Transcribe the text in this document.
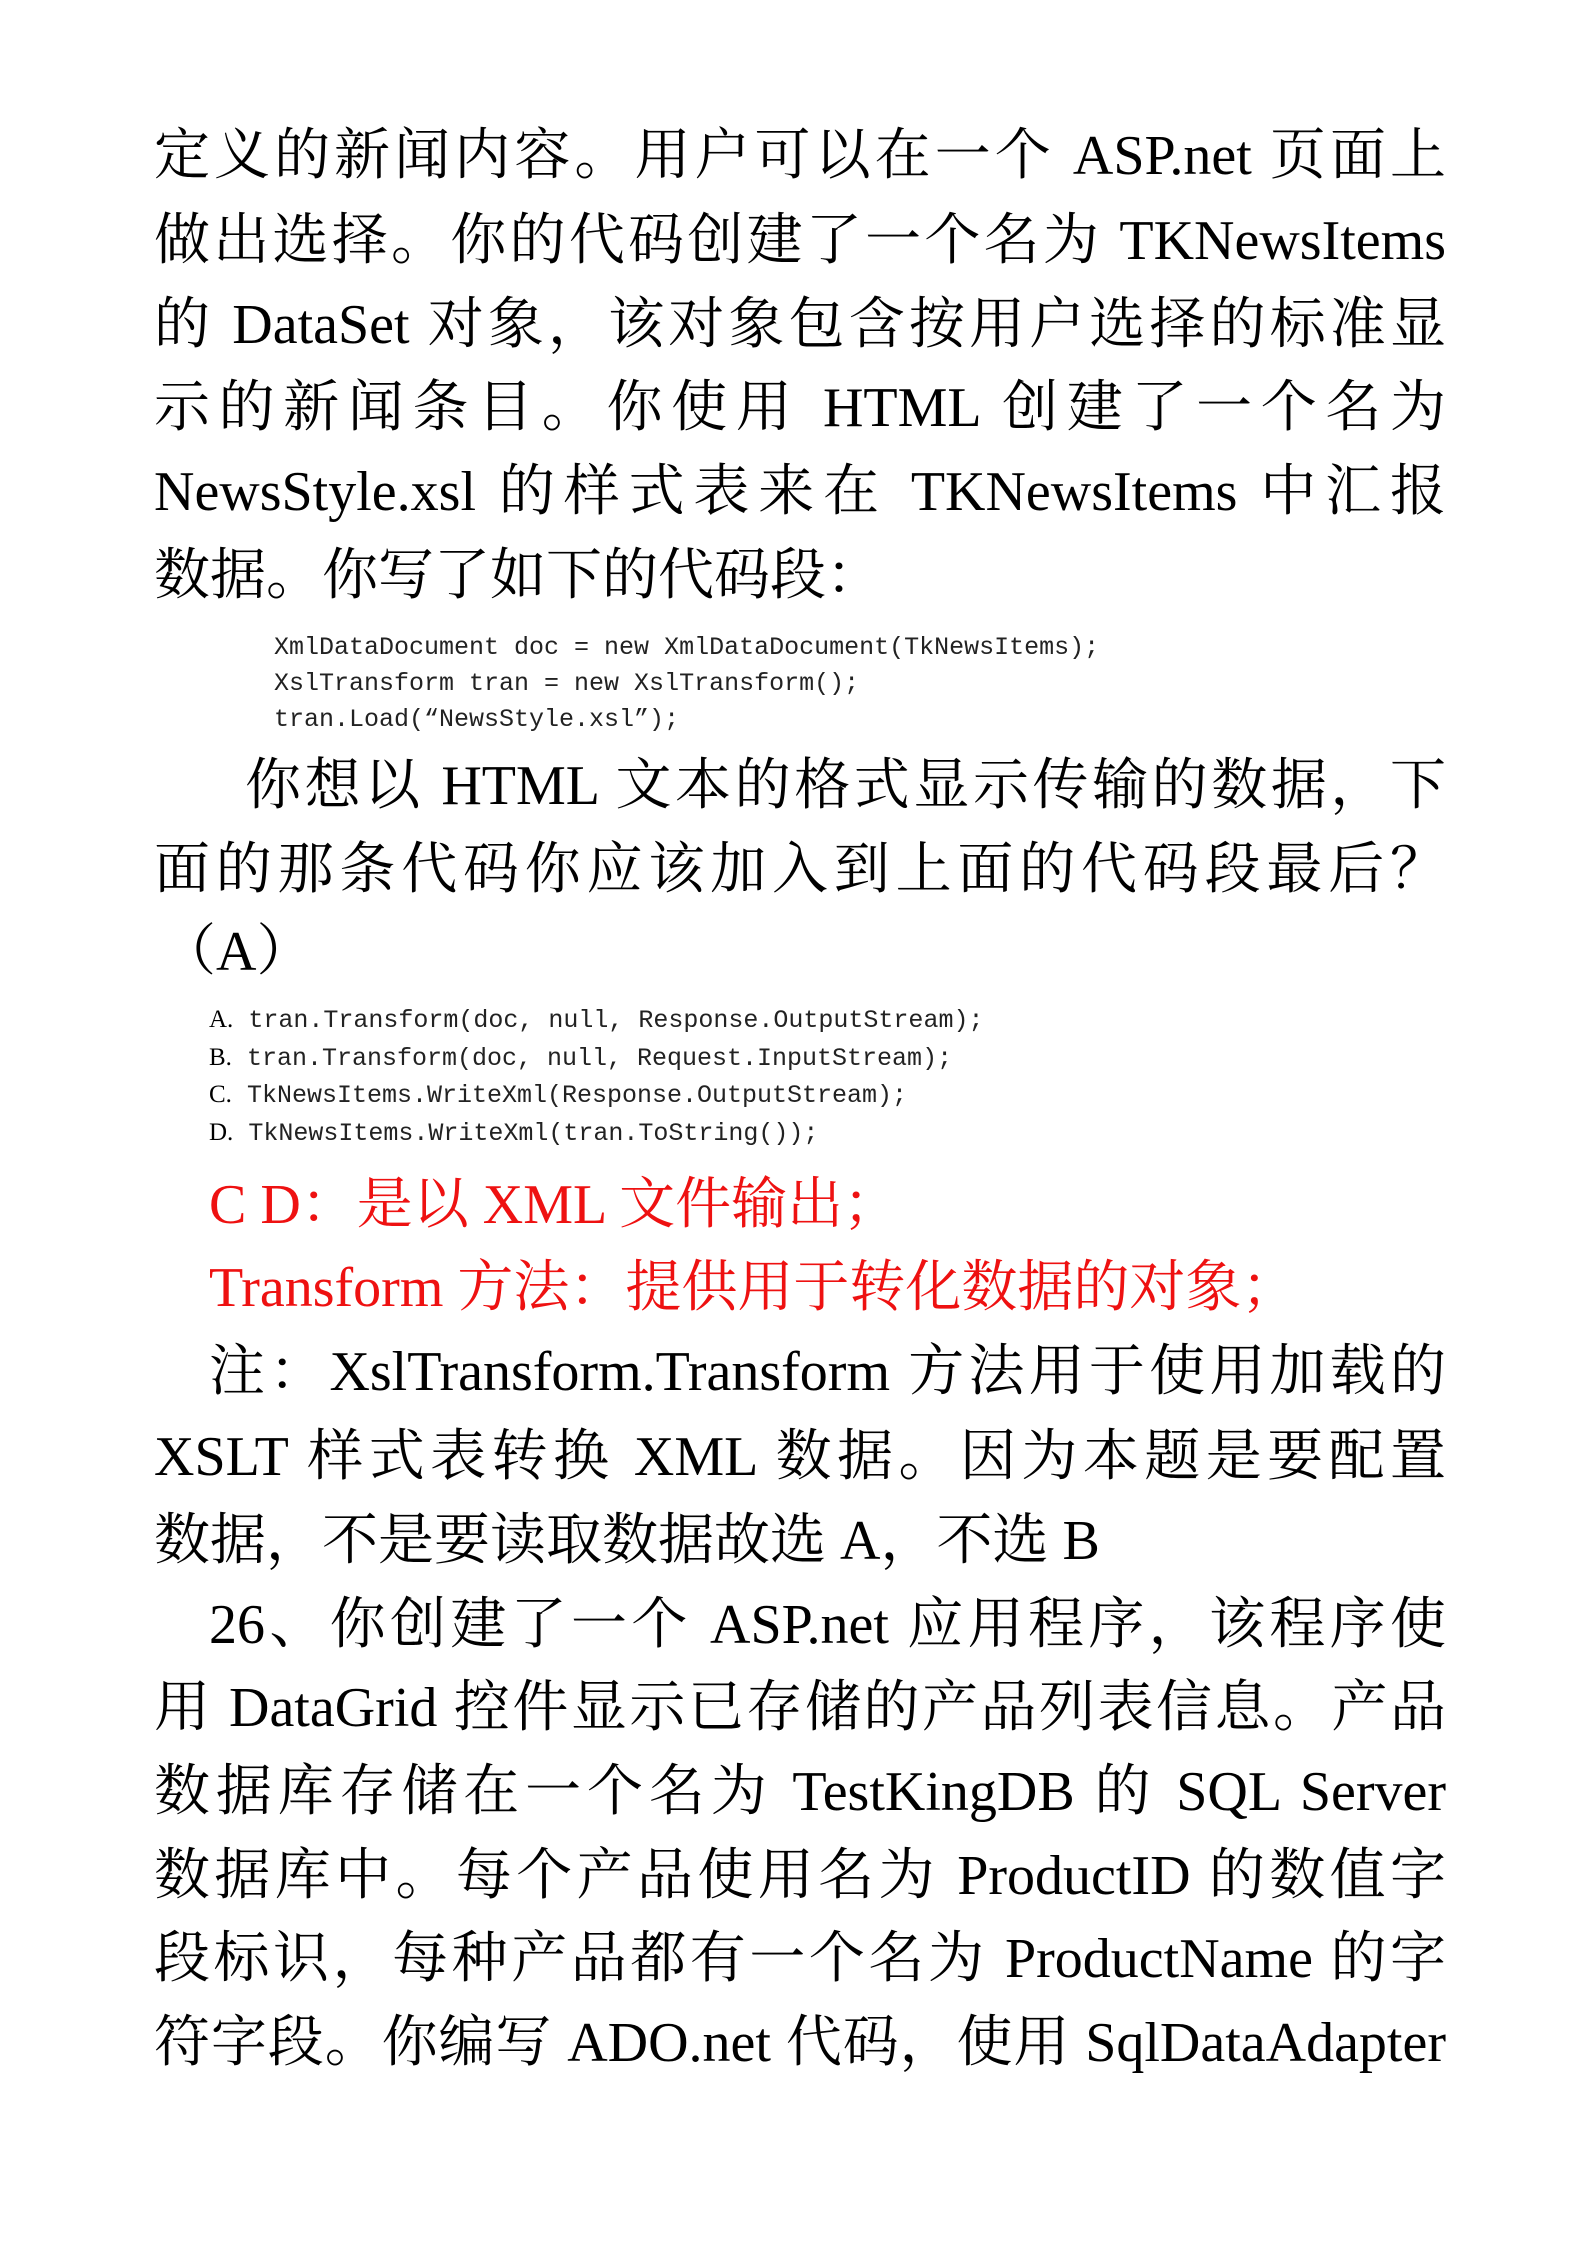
定义的新闻内容。用户可以在一个 ASP.net 页面上
做出选择。你的代码创建了一个名为 TKNewsItems
的 DataSet 对象，该对象包含按用户选择的标准显
示的新闻条目。你使用 HTML 创建了一个名为
NewsStyle.xsl 的样式表来在 TKNewsItems 中汇报
数据。你写了如下的代码段：
XmlDataDocument doc = new XmlDataDocument(TkNewsItems);
XslTransform tran = new XslTransform();
tran.Load(“NewsStyle.xsl”);
你想以 HTML 文本的格式显示传输的数据，下
面的那条代码你应该加入到上面的代码段最后？
（A）
A. tran.Transform(doc, null, Response.OutputStream);
B. tran.Transform(doc, null, Request.InputStream);
C. TkNewsItems.WriteXml(Response.OutputStream);
D. TkNewsItems.WriteXml(tran.ToString());
C D：是以 XML 文件输出；
Transform 方法：提供用于转化数据的对象；
注：XslTransform.Transform 方法用于使用加载的
XSLT 样式表转换 XML 数据。因为本题是要配置
数据，不是要读取数据故选 A，不选 B
26、你创建了一个 ASP.net 应用程序，该程序使
用 DataGrid 控件显示已存储的产品列表信息。产品
数据库存储在一个名为 TestKingDB 的 SQL Server
数据库中。每个产品使用名为 ProductID 的数值字
段标识，每种产品都有一个名为 ProductName 的字
符字段。你编写 ADO.net 代码，使用 SqlDataAdapter
